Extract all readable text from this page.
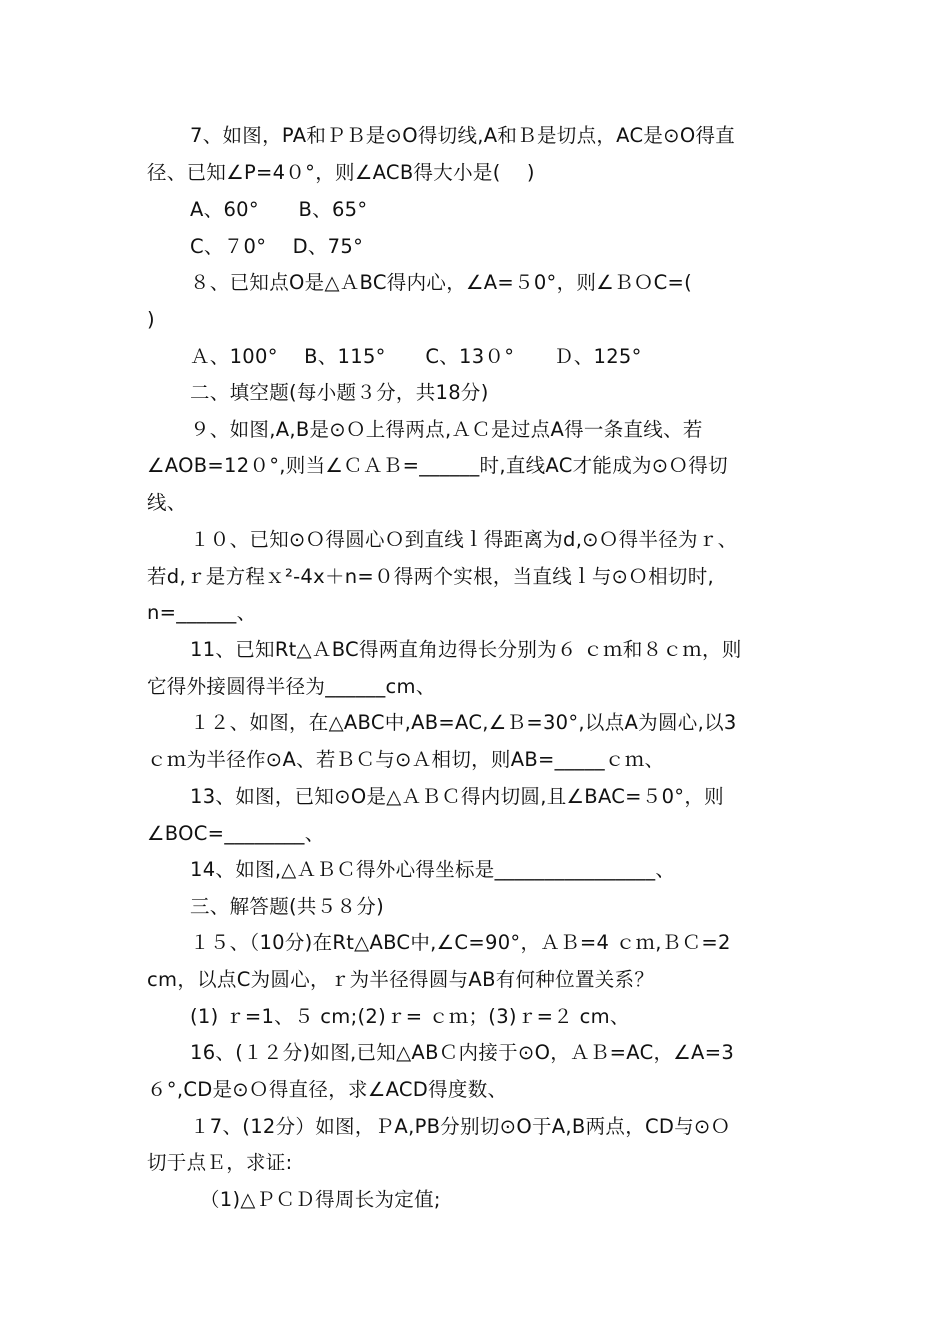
7、如图，PA和ＰＢ是⊙O得切线,A和Ｂ是切点，AC是⊙O得直
径、已知∠P=4０°，则∠ACB得大小是(　 )
A、60°　　B、65°
C、７0°　 D、75°
８、已知点O是△ＡBC得内心，∠A=５0°，则∠ＢＯC=(
)
Ａ、100°　 B、115°　　C、13０°　　Ｄ、125°
二、填空题(每小题３分，共18分)
９、如图,A,B是⊙Ｏ上得两点,ＡＣ是过点A得一条直线、若
∠AOB=12０°,则当∠ＣＡＢ=______时,直线AC才能成为⊙Ｏ得切
线、
１０、已知⊙Ｏ得圆心Ｏ到直线ｌ得距离为d,⊙Ｏ得半径为ｒ、
若d,ｒ是方程ｘ²-4x＋n=０得两个实根，当直线ｌ与⊙Ｏ相切时,
n=______、
11、已知Rt△ＡBC得两直角边得长分别为６ ｃｍ和８ｃｍ，则
它得外接圆得半径为______cm、
１２、如图，在△ABC中,AB=AC,∠Ｂ=30°,以点A为圆心,以3
ｃｍ为半径作⊙A、若ＢＣ与⊙Ａ相切，则AB=_____ｃｍ、
13、如图，已知⊙O是△ＡＢＣ得内切圆,且∠BAC=５0°，则
∠BOC=________、
14、如图,△ＡＢＣ得外心得坐标是________________、
三、解答题(共５８分)
１５、（10分)在Rt△ABC中,∠C=90°，ＡＢ=4 ｃｍ,ＢＣ=2
cm，以点C为圆心，ｒ为半径得圆与AB有何种位置关系？
(1) ｒ=1、５ cm;(2)ｒ= ｃｍ；(3)ｒ=２ cm、
16、(１２分)如图,已知△ABＣ内接于⊙O，ＡＢ=AC，∠A=3
６°,CD是⊙Ｏ得直径，求∠ACD得度数、
１7、(12分）如图，ＰA,PB分别切⊙O于A,B两点，CD与⊙Ｏ
切于点Ｅ，求证:
（1)△ＰＣＤ得周长为定值;
